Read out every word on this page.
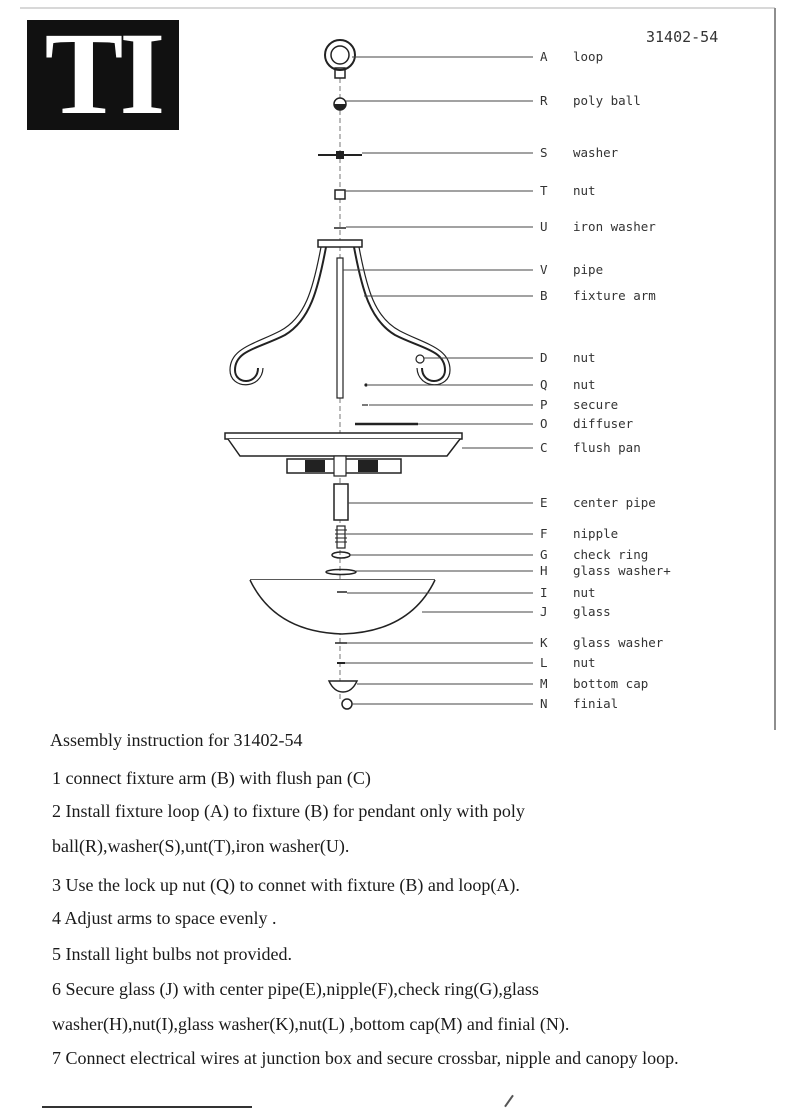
TI	31402-54
A loop
R poly ball
S washer
T nut
U iron washer
V pipe
B fixture arm
D nut
Q nut
P secure
O diffuser
C flush pan
E center pipe
F nipple
G check ring
H glass washer+
I nut
J glass
K glass washer
L nut
M bottom cap
N finial
Assembly instruction for 31402-54
1 connect fixture arm (B) with flush pan (C)
2 Install fixture loop (A) to fixture (B) for pendant only with poly
ball(R),washer(S),unt(T),iron washer(U).
3 Use the lock up nut (Q) to connet with fixture (B) and loop(A).
4 Adjust arms to space evenly .
5 Install light bulbs not provided.
6 Secure glass (J) with center pipe(E),nipple(F),check ring(G),glass
washer(H),nut(I),glass washer(K),nut(L) ,bottom cap(M) and finial (N).
7 Connect electrical wires at junction box and secure crossbar, nipple and canopy loop.
